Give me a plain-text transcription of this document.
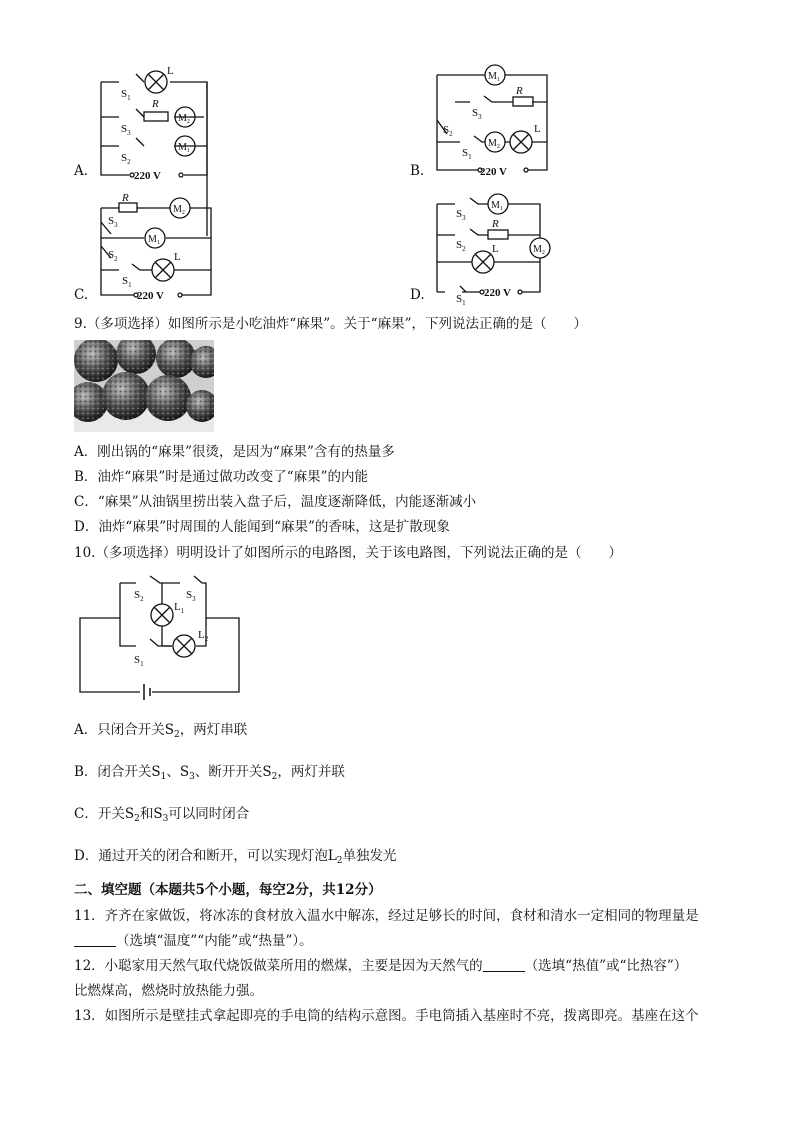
A.
$S_1$
L
$S_3$
R
$M_2$
$M_1$
$S_2$
220 V	B.
$M_1$
$S_3$
R
$S_2$
$S_1$
$M_2$
L
220 V
C.
R
$M_2$
$S_3$
$M_1$
$S_2$
$S_1$
L
220 V	D.
$S_3$
$M_1$
$S_2$
R
L	$M_2$
$S_1$
220 V
9.（多项选择）如图所示是小吃油炸“麻果”。关于“麻果”，下列说法正确的是（　　）
A．刚出锅的“麻果”很烫，是因为“麻果”含有的热量多
B．油炸“麻果”时是通过做功改变了“麻果”的内能
C．“麻果”从油锅里捞出装入盘子后，温度逐渐降低，内能逐渐减小
D．油炸“麻果”时周围的人能闻到“麻果”的香味，这是扩散现象
10.（多项选择）明明设计了如图所示的电路图，关于该电路图，下列说法正确的是（　　）
$S_2$	$S_3$
$L_1$
$L_2$
$S_1$
A．只闭合开关$S_2$，两灯串联
B．闭合开关$S_1$、$S_3$、断开开关$S_2$，两灯并联
C．开关$S_2$和$S_3$可以同时闭合
D．通过开关的闭合和断开，可以实现灯泡$L_2$单独发光
二、填空题（本题共5个小题，每空2分，共12分）
11．齐齐在家做饭，将冰冻的食材放入温水中解冻，经过足够长的时间，食材和清水一定相同的物理量是
（选填“温度”“内能”或“热量”）。
12．小聪家用天然气取代烧饭做菜所用的燃煤，主要是因为天然气的	（选填“热值”或“比热容”）
比燃煤高，燃烧时放热能力强。
13．如图所示是壁挂式拿起即亮的手电筒的结构示意图。手电筒插入基座时不亮，拨离即亮。基座在这个
